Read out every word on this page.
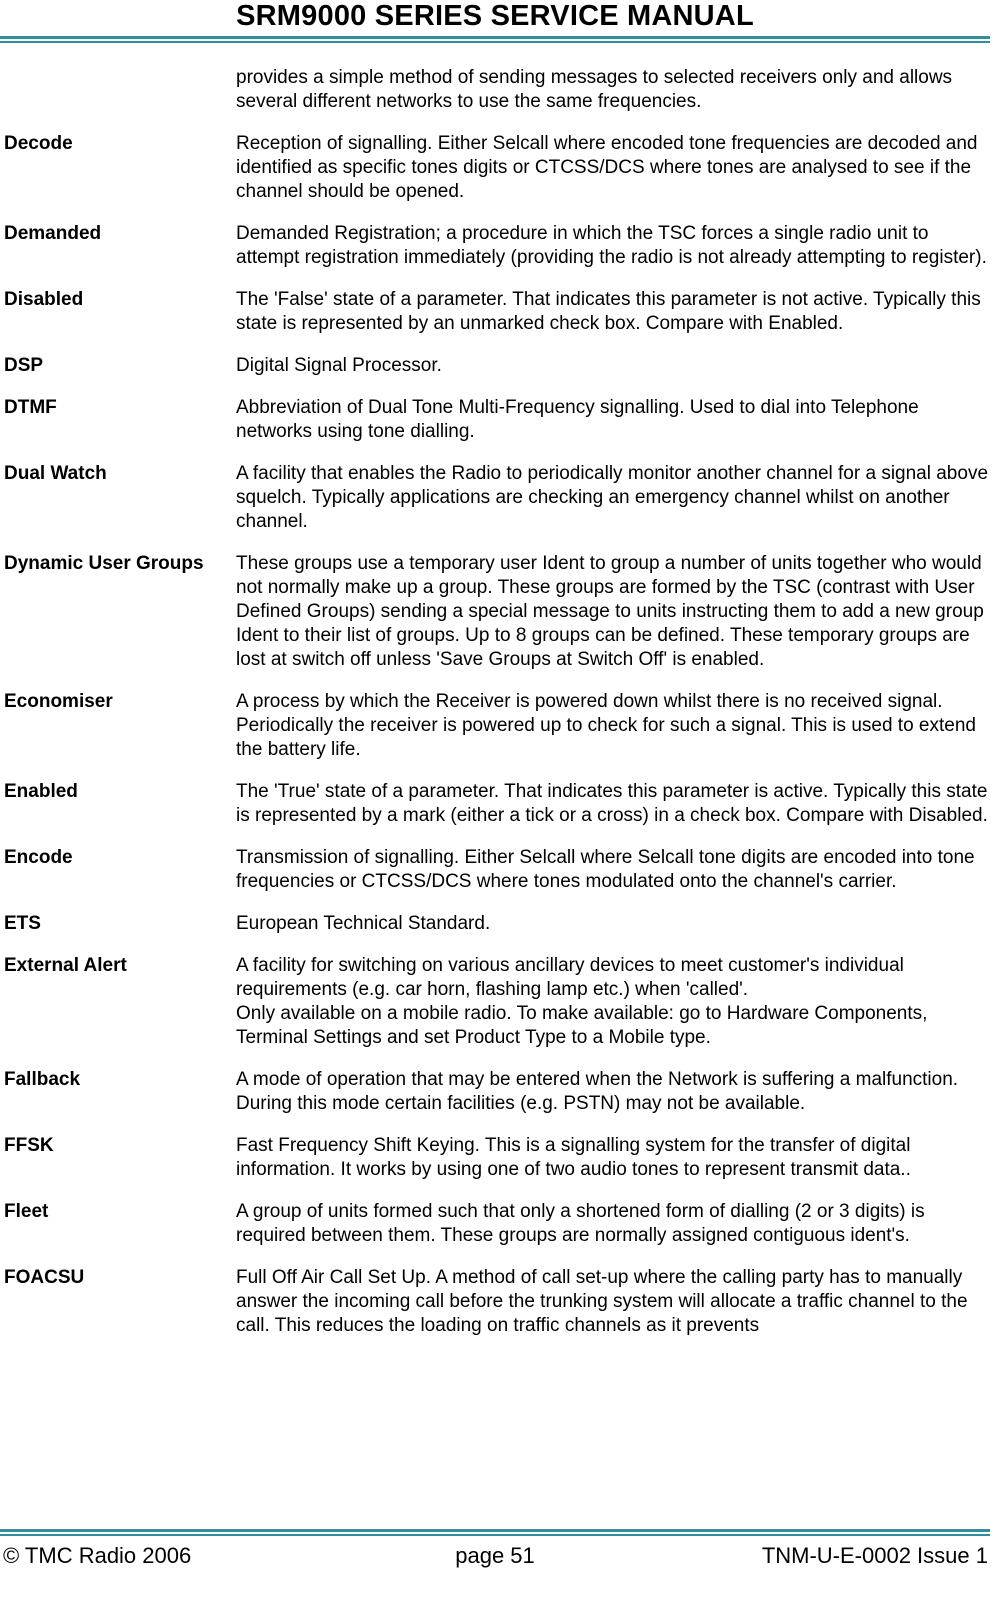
SRM9000 SERIES SERVICE MANUAL
provides a simple method of sending messages to selected receivers only and allows several different networks to use the same frequencies.
Decode	Reception of signalling. Either Selcall where encoded tone frequencies are decoded and identified as specific tones digits or CTCSS/DCS where tones are analysed to see if the channel should be opened.
Demanded	Demanded Registration; a procedure in which the TSC forces a single radio unit to attempt registration immediately (providing the radio is not already attempting to register).
Disabled	The 'False' state of a parameter. That indicates this parameter is not active. Typically this state is represented by an unmarked check box. Compare with Enabled.
DSP	Digital Signal Processor.
DTMF	Abbreviation of Dual Tone Multi-Frequency signalling. Used to dial into Telephone networks using tone dialling.
Dual Watch	A facility that enables the Radio to periodically monitor another channel for a signal above squelch. Typically applications are checking an emergency channel whilst on another channel.
Dynamic User Groups	These groups use a temporary user Ident to group a number of units together who would not normally make up a group. These groups are formed by the TSC (contrast with User Defined Groups) sending a special message to units instructing them to add a new group Ident to their list of groups. Up to 8 groups can be defined. These temporary groups are lost at switch off unless 'Save Groups at Switch Off' is enabled.
Economiser	A process by which the Receiver is powered down whilst there is no received signal. Periodically the receiver is powered up to check for such a signal. This is used to extend the battery life.
Enabled	The 'True' state of a parameter. That indicates this parameter is active. Typically this state is represented by a mark (either a tick or a cross) in a check box. Compare with Disabled.
Encode	Transmission of signalling. Either Selcall where Selcall tone digits are encoded into tone frequencies or CTCSS/DCS where tones modulated onto the channel's carrier.
ETS	European Technical Standard.
External Alert	A facility for switching on various ancillary devices to meet customer's individual requirements (e.g. car horn, flashing lamp etc.) when 'called'.
Only available on a mobile radio. To make available: go to Hardware Components, Terminal Settings and set Product Type to a Mobile type.
Fallback	A mode of operation that may be entered when the Network is suffering a malfunction. During this mode certain facilities (e.g. PSTN) may not be available.
FFSK	Fast Frequency Shift Keying. This is a signalling system for the transfer of digital information. It works by using one of two audio tones to represent transmit data..
Fleet	A group of units formed such that only a shortened form of dialling (2 or 3 digits) is required between them. These groups are normally assigned contiguous ident's.
FOACSU	Full Off Air Call Set Up. A method of call set-up where the calling party has to manually answer the incoming call before the trunking system will allocate a traffic channel to the call. This reduces the loading on traffic channels as it prevents
page 51
© TMC Radio 2006	TNM-U-E-0002 Issue 1
